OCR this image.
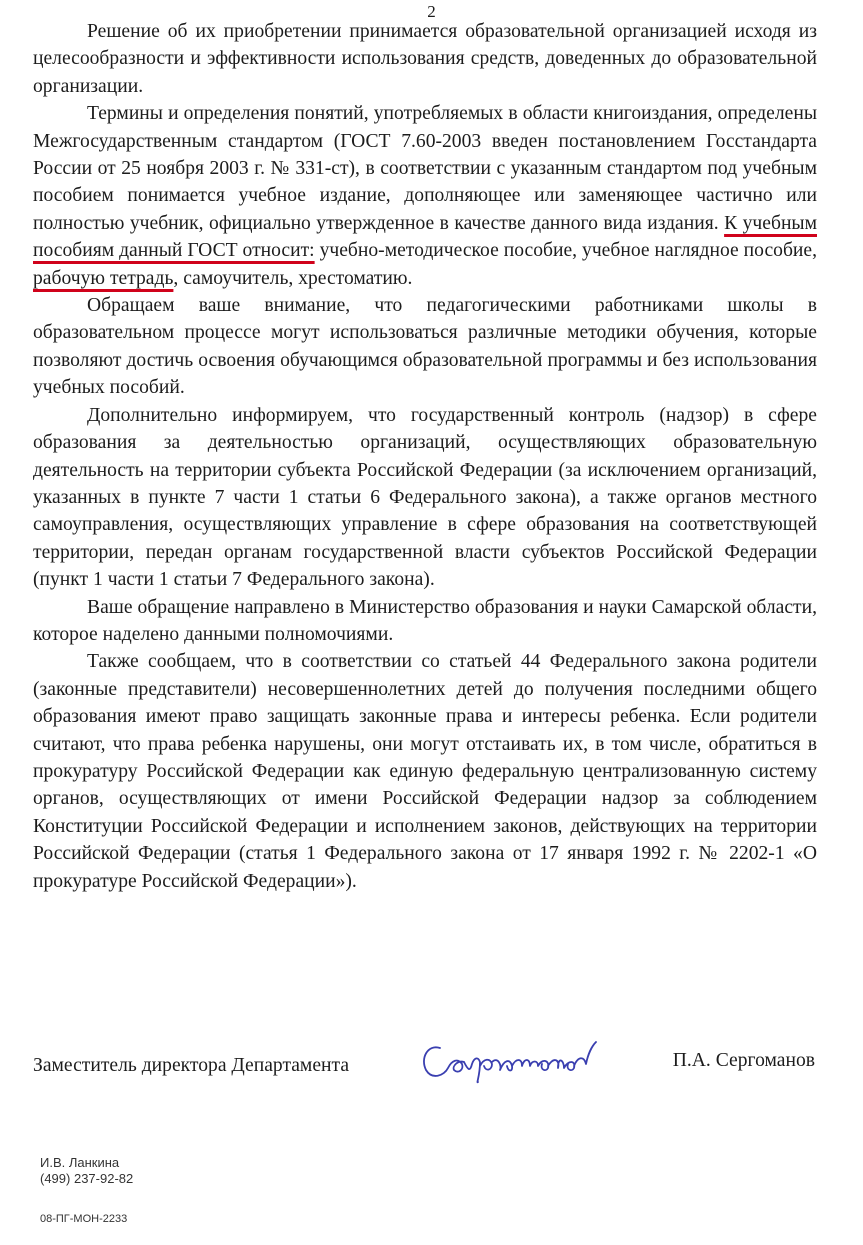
2

Решение об их приобретении принимается образовательной организацией исходя из целесообразности и эффективности использования средств, доведенных до образовательной организации.

Термины и определения понятий, употребляемых в области книгоиздания, определены Межгосударственным стандартом (ГОСТ 7.60-2003 введен постановлением Госстандарта России от 25 ноября 2003 г. № 331-ст), в соответствии с указанным стандартом под учебным пособием понимается учебное издание, дополняющее или заменяющее частично или полностью учебник, официально утвержденное в качестве данного вида издания. К учебным пособиям данный ГОСТ относит: учебно-методическое пособие, учебное наглядное пособие, рабочую тетрадь, самоучитель, хрестоматию.

Обращаем ваше внимание, что педагогическими работниками школы в образовательном процессе могут использоваться различные методики обучения, которые позволяют достичь освоения обучающимся образовательной программы и без использования учебных пособий.

Дополнительно информируем, что государственный контроль (надзор) в сфере образования за деятельностью организаций, осуществляющих образовательную деятельность на территории субъекта Российской Федерации (за исключением организаций, указанных в пункте 7 части 1 статьи 6 Федерального закона), а также органов местного самоуправления, осуществляющих управление в сфере образования на соответствующей территории, передан органам государственной власти субъектов Российской Федерации (пункт 1 части 1 статьи 7 Федерального закона).

Ваше обращение направлено в Министерство образования и науки Самарской области, которое наделено данными полномочиями.

Также сообщаем, что в соответствии со статьей 44 Федерального закона родители (законные представители) несовершеннолетних детей до получения последними общего образования имеют право защищать законные права и интересы ребенка. Если родители считают, что права ребенка нарушены, они могут отстаивать их, в том числе, обратиться в прокуратуру Российской Федерации как единую федеральную централизованную систему органов, осуществляющих от имени Российской Федерации надзор за соблюдением Конституции Российской Федерации и исполнением законов, действующих на территории Российской Федерации (статья 1 Федерального закона от 17 января 1992 г. № 2202-1 «О прокуратуре Российской Федерации»).

Заместитель директора Департамента	П.А. Сергоманов
И.В. Ланкина
(499) 237-92-82
08-ПГ-МОН-2233
